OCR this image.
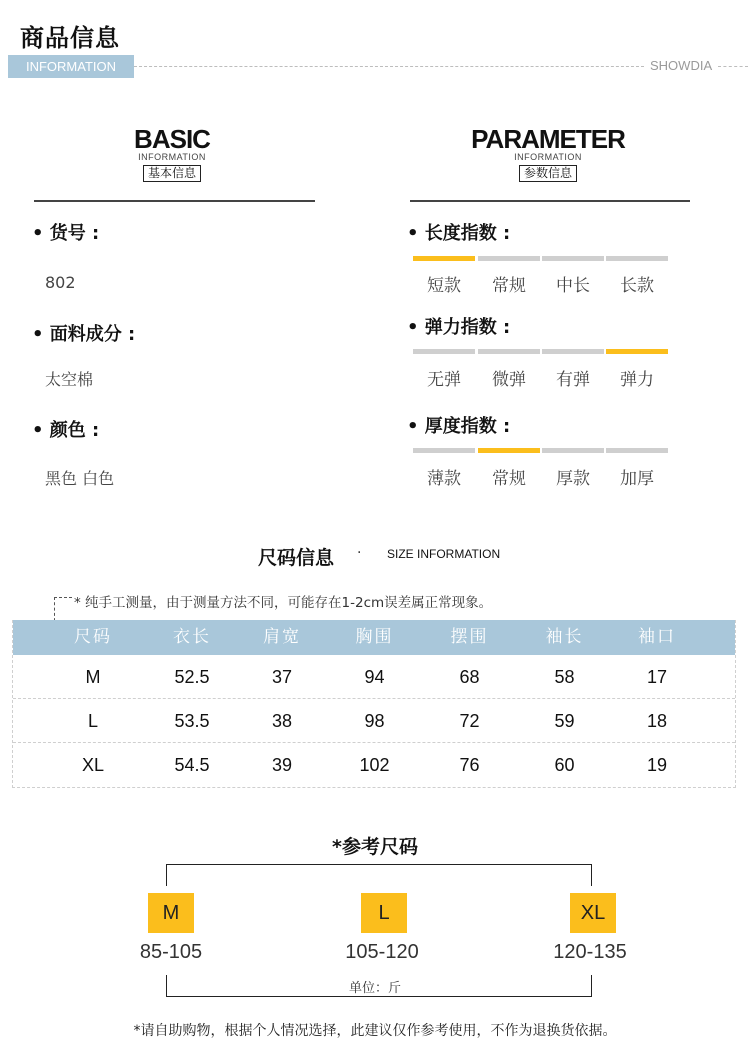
商品信息
INFORMATION	SHOWDIA
BASIC
INFORMATION
基本信息
PARAMETER
INFORMATION
参数信息
• 货号 :
802
• 面料成分 :
太空棉
• 颜色 :
黑色 白色
• 长度指数 :
• 弹力指数 :
• 厚度指数 :
短款	常规	中长	长款
无弹	微弹	有弹	弹力
薄款	常规	厚款	加厚
尺码信息 · SIZE INFORMATION
* 纯手工测量，由于测量方法不同，可能存在1-2cm误差属正常现象。
尺码	衣长	肩宽	胸围	摆围	袖长	袖口
M	52.5	37	94	68	58	17
L	53.5	38	98	72	59	18
XL	54.5	39	102	76	60	19
*参考尺码
M	L	XL
85-105	105-120	120-135
单位：斤
*请自助购物，根据个人情况选择，此建议仅作参考使用，不作为退换货依据。
